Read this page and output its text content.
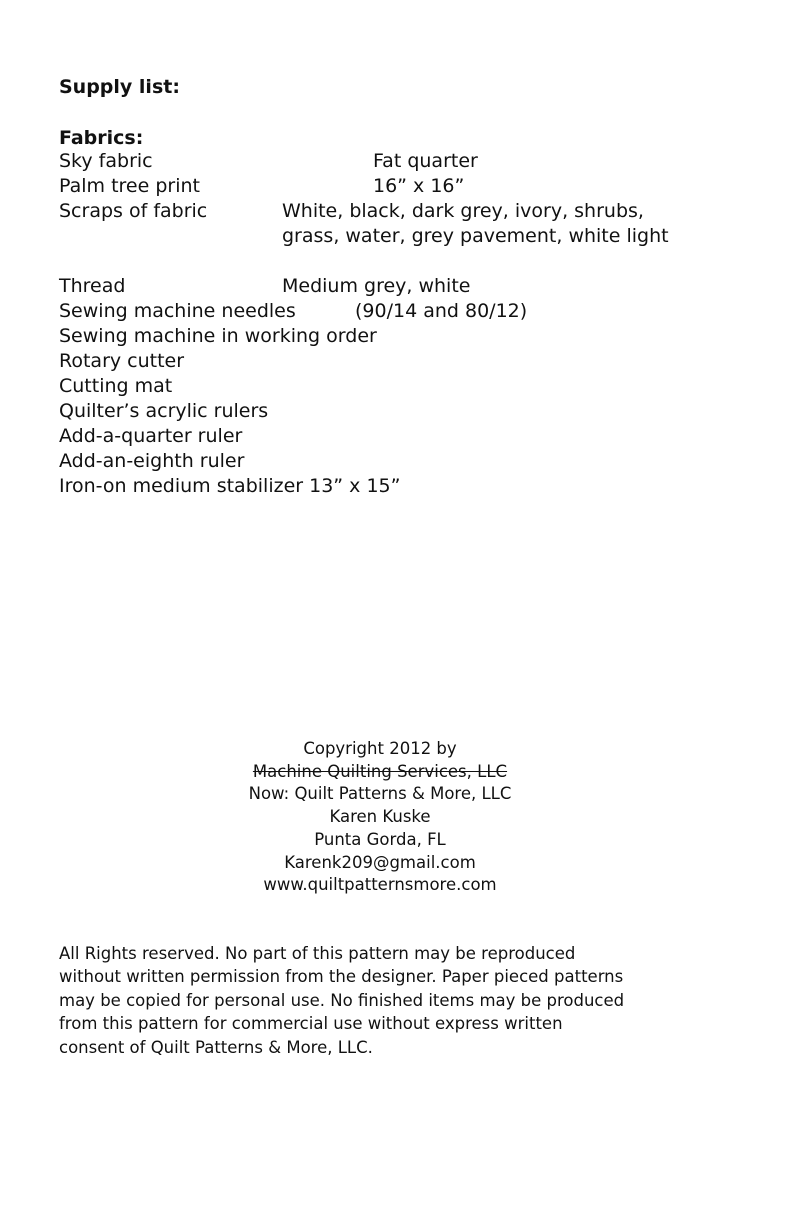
Supply list:
Fabrics:
Sky fabric	Fat quarter
Palm tree print	16” x 16”
Scraps of fabric	White, black, dark grey, ivory, shrubs,
grass, water, grey pavement, white light
Thread	Medium grey, white
Sewing machine needles	(90/14 and 80/12)
Sewing machine in working order
Rotary cutter
Cutting mat
Quilter’s acrylic rulers
Add-a-quarter ruler
Add-an-eighth ruler
Iron-on medium stabilizer 13” x 15”
Copyright 2012 by
Machine Quilting Services, LLC
Now: Quilt Patterns & More, LLC
Karen Kuske
Punta Gorda, FL
Karenk209@gmail.com
www.quiltpatternsmore.com
All Rights reserved. No part of this pattern may be reproduced
without written permission from the designer. Paper pieced patterns
may be copied for personal use. No finished items may be produced
from this pattern for commercial use without express written
consent of Quilt Patterns & More, LLC.
